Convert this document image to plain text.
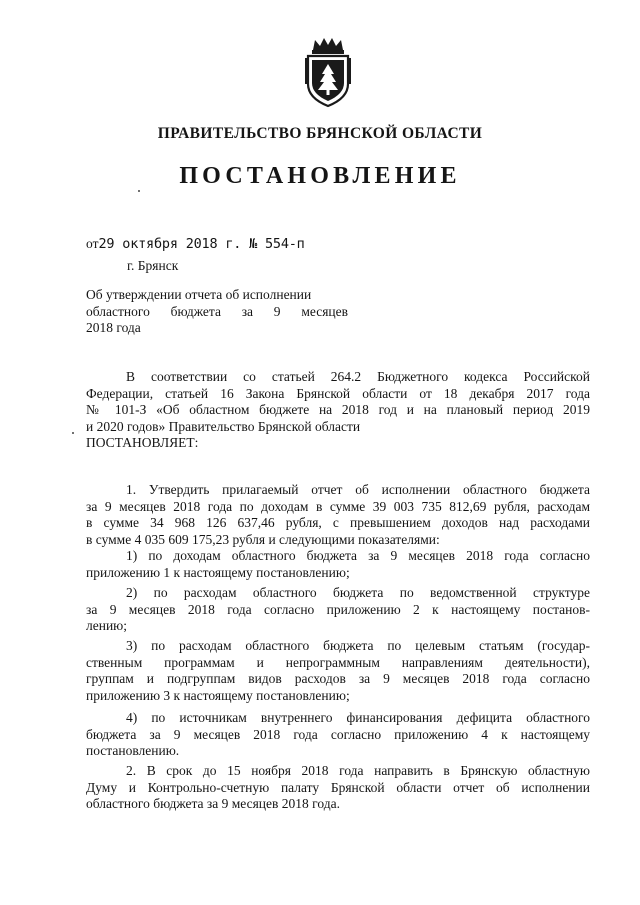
ПРАВИТЕЛЬСТВО БРЯНСКОЙ ОБЛАСТИ
ПОСТАНОВЛЕНИЕ
от29 октября 2018 г. № 554-п
г. Брянск
Об утверждении отчета об исполнении
областного бюджета за 9 месяцев
2018 года
В соответствии со статьей 264.2 Бюджетного кодекса Российской
Федерации, статьей 16 Закона Брянской области от 18 декабря 2017 года
№ 101-З «Об областном бюджете на 2018 год и на плановый период 2019
и 2020 годов» Правительство Брянской области
ПОСТАНОВЛЯЕТ:
1. Утвердить прилагаемый отчет об исполнении областного бюджета
за 9 месяцев 2018 года по доходам в сумме 39 003 735 812,69 рубля, расходам
в сумме 34 968 126 637,46 рубля, с превышением доходов над расходами
в сумме 4 035 609 175,23 рубля и следующими показателями:
1) по доходам областного бюджета за 9 месяцев 2018 года согласно
приложению 1 к настоящему постановлению;
2) по расходам областного бюджета по ведомственной структуре
за 9 месяцев 2018 года согласно приложению 2 к настоящему постанов-
лению;
3) по расходам областного бюджета по целевым статьям (государ-
ственным программам и непрограммным направлениям деятельности),
группам и подгруппам видов расходов за 9 месяцев 2018 года согласно
приложению 3 к настоящему постановлению;
4) по источникам внутреннего финансирования дефицита областного
бюджета за 9 месяцев 2018 года согласно приложению 4 к настоящему
постановлению.
2. В срок до 15 ноября 2018 года направить в Брянскую областную
Думу и Контрольно-счетную палату Брянской области отчет об исполнении
областного бюджета за 9 месяцев 2018 года.
